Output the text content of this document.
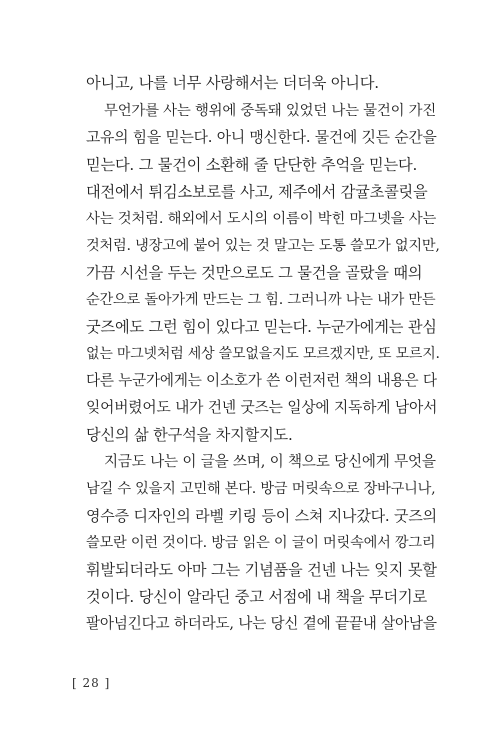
아니고, 나를 너무 사랑해서는 더더욱 아니다.
무언가를 사는 행위에 중독돼 있었던 나는 물건이 가진
고유의 힘을 믿는다. 아니 맹신한다. 물건에 깃든 순간을
믿는다. 그 물건이 소환해 줄 단단한 추억을 믿는다.
대전에서 튀김소보로를 사고, 제주에서 감귤초콜릿을
사는 것처럼. 해외에서 도시의 이름이 박힌 마그넷을 사는
것처럼. 냉장고에 붙어 있는 것 말고는 도통 쓸모가 없지만,
가끔 시선을 두는 것만으로도 그 물건을 골랐을 때의
순간으로 돌아가게 만드는 그 힘. 그러니까 나는 내가 만든
굿즈에도 그런 힘이 있다고 믿는다. 누군가에게는 관심
없는 마그넷처럼 세상 쓸모없을지도 모르겠지만, 또 모르지.
다른 누군가에게는 이소호가 쓴 이런저런 책의 내용은 다
잊어버렸어도 내가 건넨 굿즈는 일상에 지독하게 남아서
당신의 삶 한구석을 차지할지도.
지금도 나는 이 글을 쓰며, 이 책으로 당신에게 무엇을
남길 수 있을지 고민해 본다. 방금 머릿속으로 장바구니나,
영수증 디자인의 라벨 키링 등이 스쳐 지나갔다. 굿즈의
쓸모란 이런 것이다. 방금 읽은 이 글이 머릿속에서 깡그리
휘발되더라도 아마 그는 기념품을 건넨 나는 잊지 못할
것이다. 당신이 알라딘 중고 서점에 내 책을 무더기로
팔아넘긴다고 하더라도, 나는 당신 곁에 끝끝내 살아남을
[ 28 ]
